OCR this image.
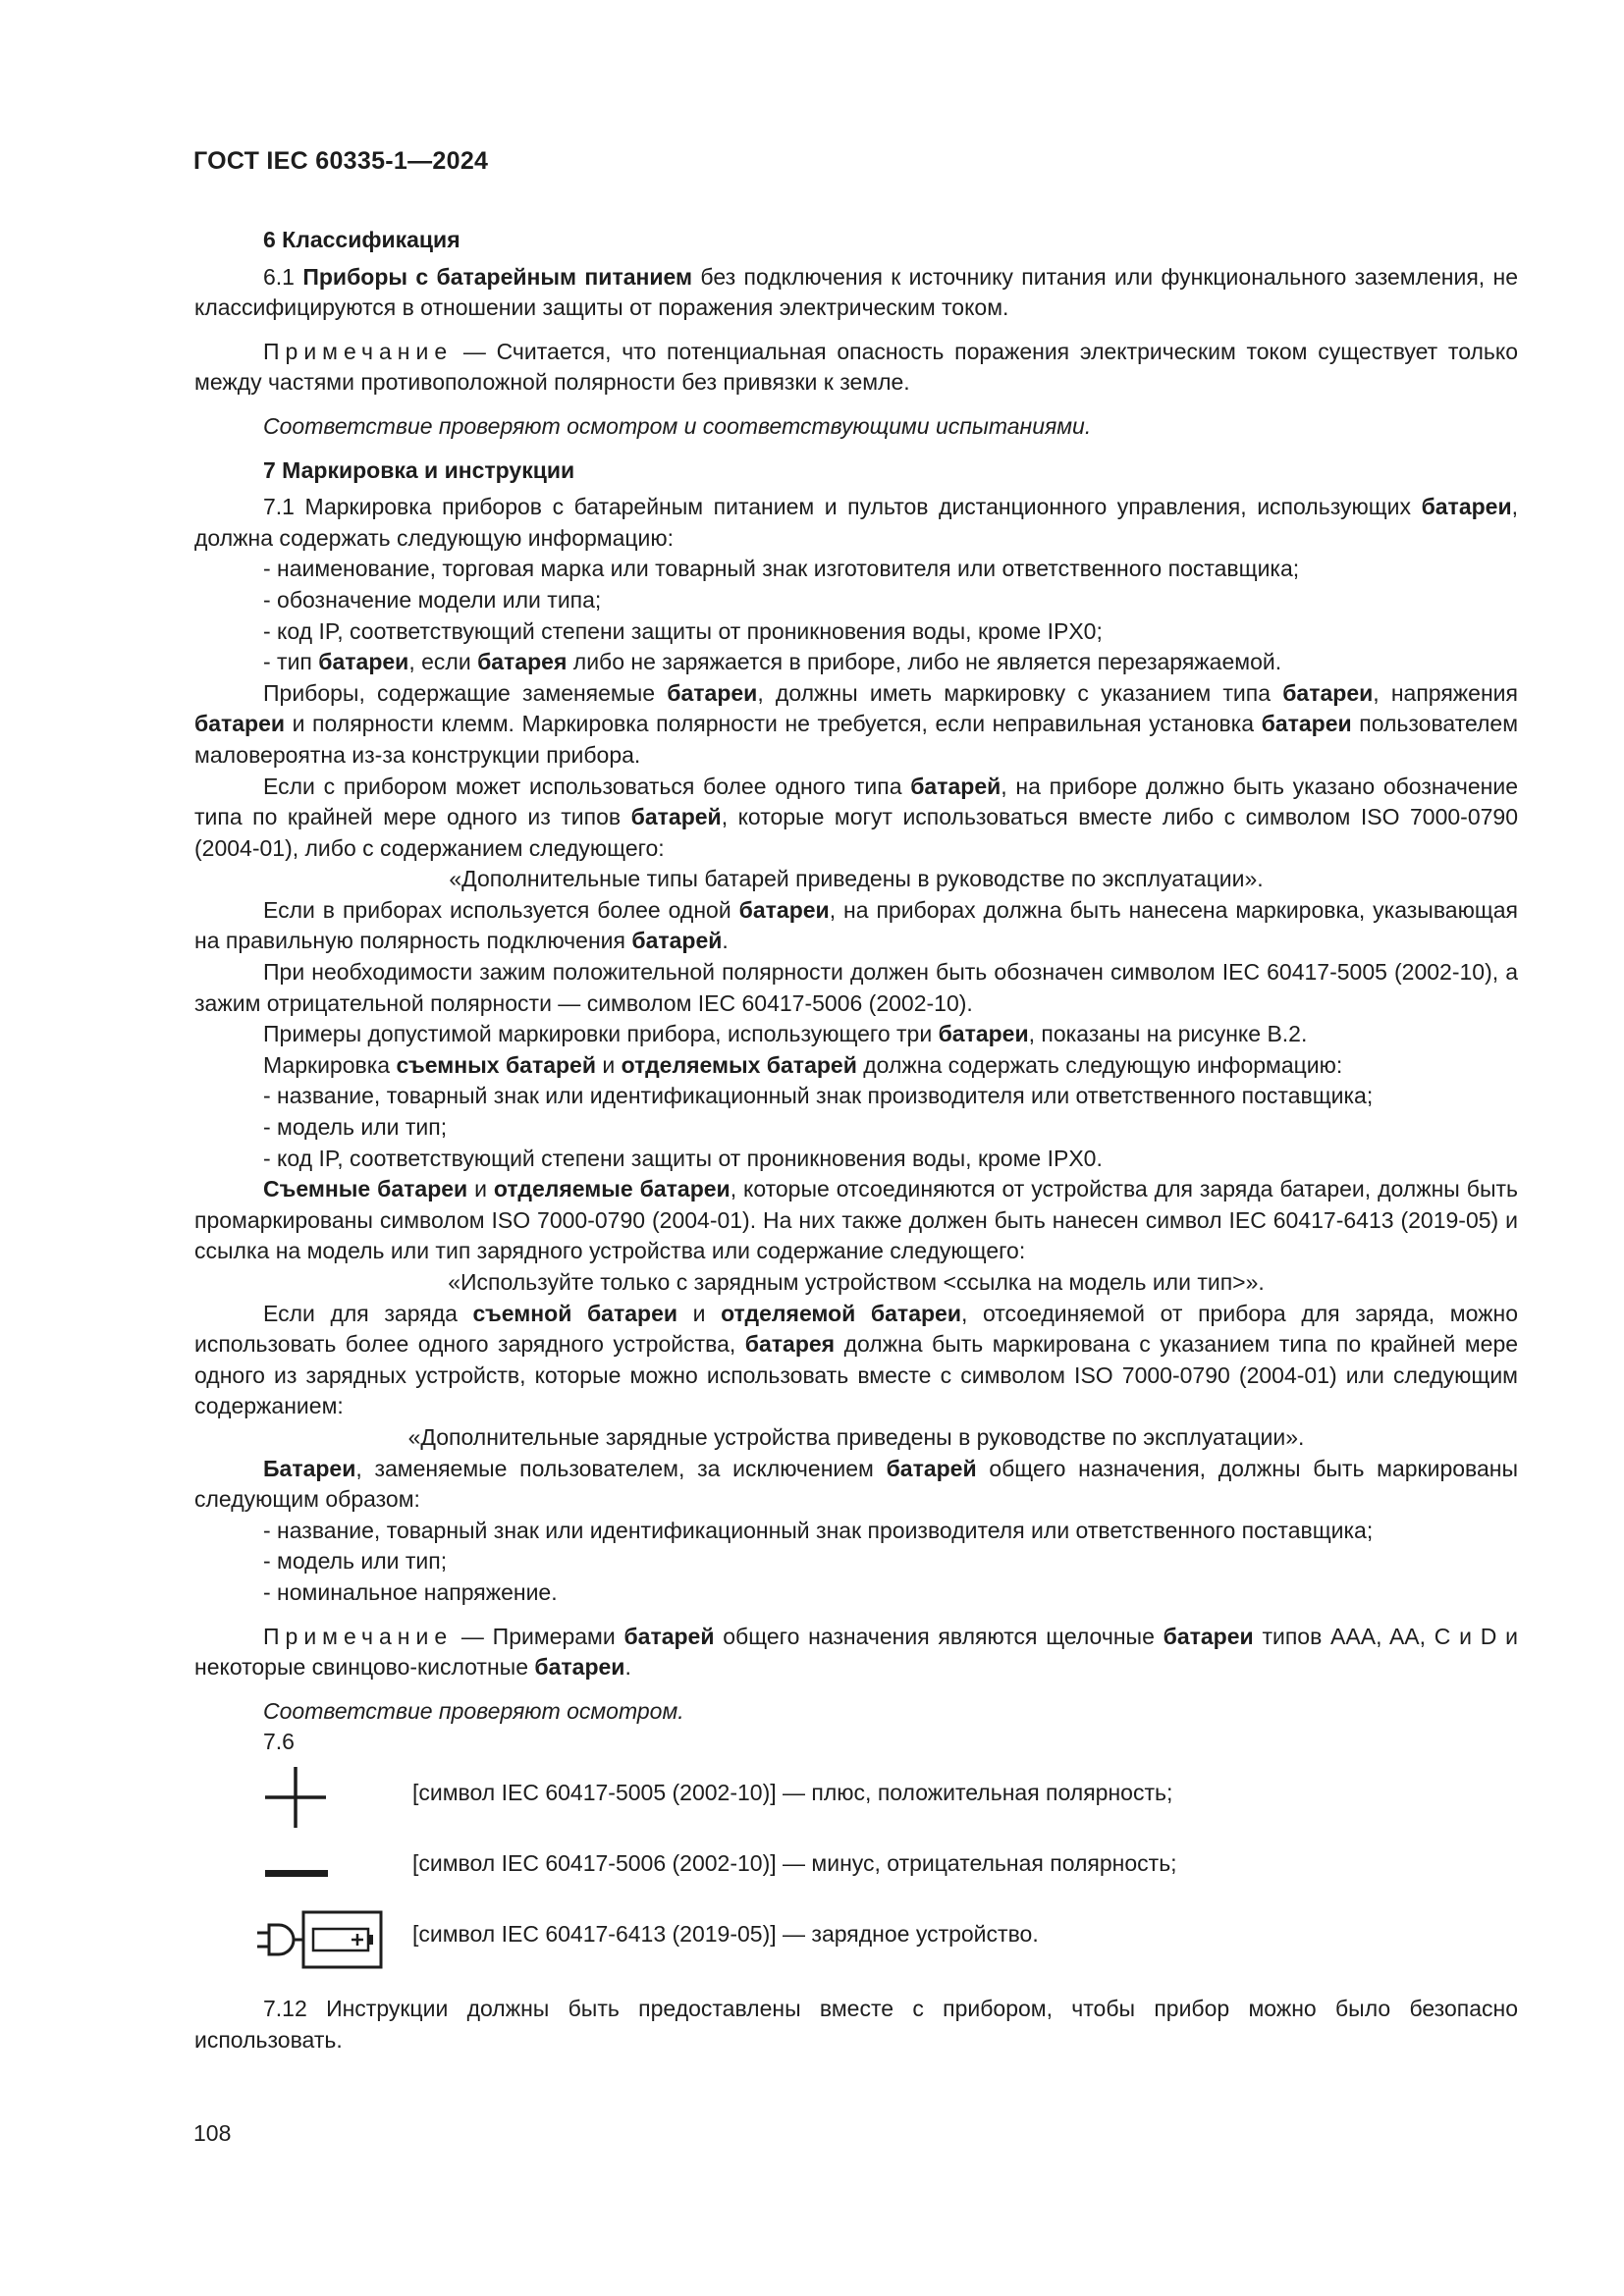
ГОСТ IEC 60335-1—2024

6 Классификация

6.1 Приборы с батарейным питанием без подключения к источнику питания или функционального заземления, не классифицируются в отношении защиты от поражения электрическим током.

Примечание — Считается, что потенциальная опасность поражения электрическим током существует только между частями противоположной полярности без привязки к земле.

Соответствие проверяют осмотром и соответствующими испытаниями.

7 Маркировка и инструкции

7.1 Маркировка приборов с батарейным питанием и пультов дистанционного управления, использующих батареи, должна содержать следующую информацию:

- наименование, торговая марка или товарный знак изготовителя или ответственного поставщика;

- обозначение модели или типа;

- код IP, соответствующий степени защиты от проникновения воды, кроме IPX0;

- тип батареи, если батарея либо не заряжается в приборе, либо не является перезаряжаемой.

Приборы, содержащие заменяемые батареи, должны иметь маркировку с указанием типа батареи, напряжения батареи и полярности клемм. Маркировка полярности не требуется, если неправильная установка батареи пользователем маловероятна из-за конструкции прибора.

Если с прибором может использоваться более одного типа батарей, на приборе должно быть указано обозначение типа по крайней мере одного из типов батарей, которые могут использоваться вместе либо с символом ISO 7000-0790 (2004-01), либо с содержанием следующего:

«Дополнительные типы батарей приведены в руководстве по эксплуатации».

Если в приборах используется более одной батареи, на приборах должна быть нанесена маркировка, указывающая на правильную полярность подключения батарей.

При необходимости зажим положительной полярности должен быть обозначен символом IEC 60417-5005 (2002-10), а зажим отрицательной полярности — символом IEC 60417-5006 (2002-10).

Примеры допустимой маркировки прибора, использующего три батареи, показаны на рисунке В.2.

Маркировка съемных батарей и отделяемых батарей должна содержать следующую информацию:

- название, товарный знак или идентификационный знак производителя или ответственного поставщика;

- модель или тип;

- код IP, соответствующий степени защиты от проникновения воды, кроме IPX0.

Съемные батареи и отделяемые батареи, которые отсоединяются от устройства для заряда батареи, должны быть промаркированы символом ISO 7000-0790 (2004-01). На них также должен быть нанесен символ IEC 60417-6413 (2019-05) и ссылка на модель или тип зарядного устройства или содержание следующего:

«Используйте только с зарядным устройством <ссылка на модель или тип>».

Если для заряда съемной батареи и отделяемой батареи, отсоединяемой от прибора для заряда, можно использовать более одного зарядного устройства, батарея должна быть маркирована с указанием типа по крайней мере одного из зарядных устройств, которые можно использовать вместе с символом ISO 7000-0790 (2004-01) или следующим содержанием:

«Дополнительные зарядные устройства приведены в руководстве по эксплуатации».

Батареи, заменяемые пользователем, за исключением батарей общего назначения, должны быть маркированы следующим образом:

- название, товарный знак или идентификационный знак производителя или ответственного поставщика;

- модель или тип;

- номинальное напряжение.

Примечание — Примерами батарей общего назначения являются щелочные батареи типов AAA, AA, C и D и некоторые свинцово-кислотные батареи.

Соответствие проверяют осмотром.

7.6

[символ IEC 60417-5005 (2002-10)] — плюс, положительная полярность;
[символ IEC 60417-5006 (2002-10)] — минус, отрицательная полярность;
[символ IEC 60417-6413 (2019-05)] — зарядное устройство.

7.12 Инструкции должны быть предоставлены вместе с прибором, чтобы прибор можно было безопасно использовать.

108
